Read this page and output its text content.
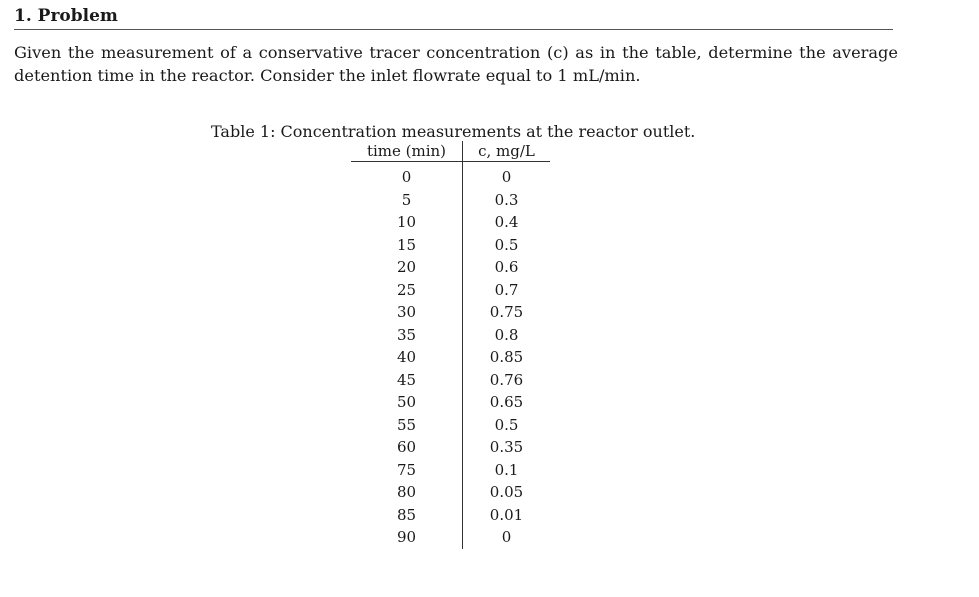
1. Problem

Given the measurement of a conservative tracer concentration (c) as in the table, determine the average
detention time in the reactor. Consider the inlet flowrate equal to 1 mL/min.

Table 1: Concentration measurements at the reactor outlet.

time (min)	c, mg/L
0	0
5	0.3
10	0.4
15	0.5
20	0.6
25	0.7
30	0.75
35	0.8
40	0.85
45	0.76
50	0.65
55	0.5
60	0.35
75	0.1
80	0.05
85	0.01
90	0
